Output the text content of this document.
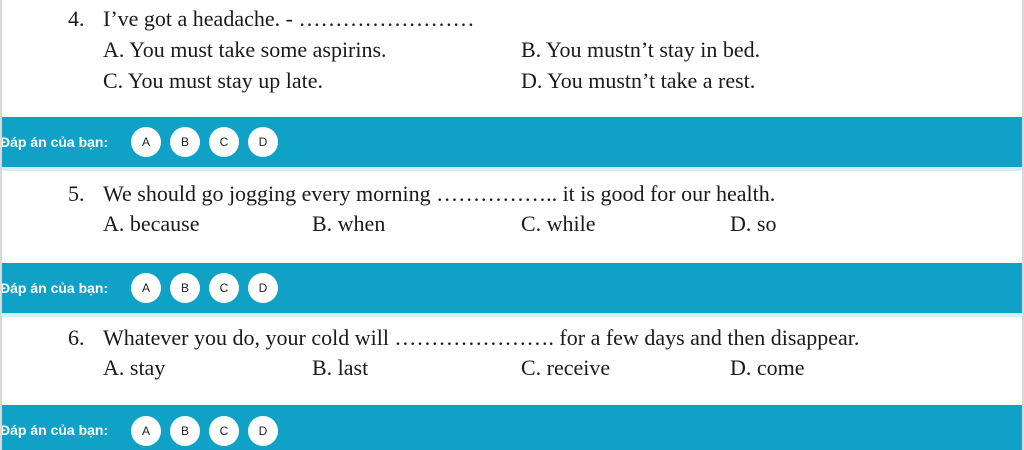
4. I’ve got a headache. - ……………………
A. You must take some aspirins.	B. You mustn’t stay in bed.
C. You must stay up late.	D. You mustn’t take a rest.
Đáp án của bạn:	A	B	C	D
5. We should go jogging every morning …………….. it is good for our health.
A. because	B. when	C. while	D. so
Đáp án của bạn:	A	B	C	D
6. Whatever you do, your cold will …………………. for a few days and then disappear.
A. stay	B. last	C. receive	D. come
Đáp án của bạn:	A	B	C	D
